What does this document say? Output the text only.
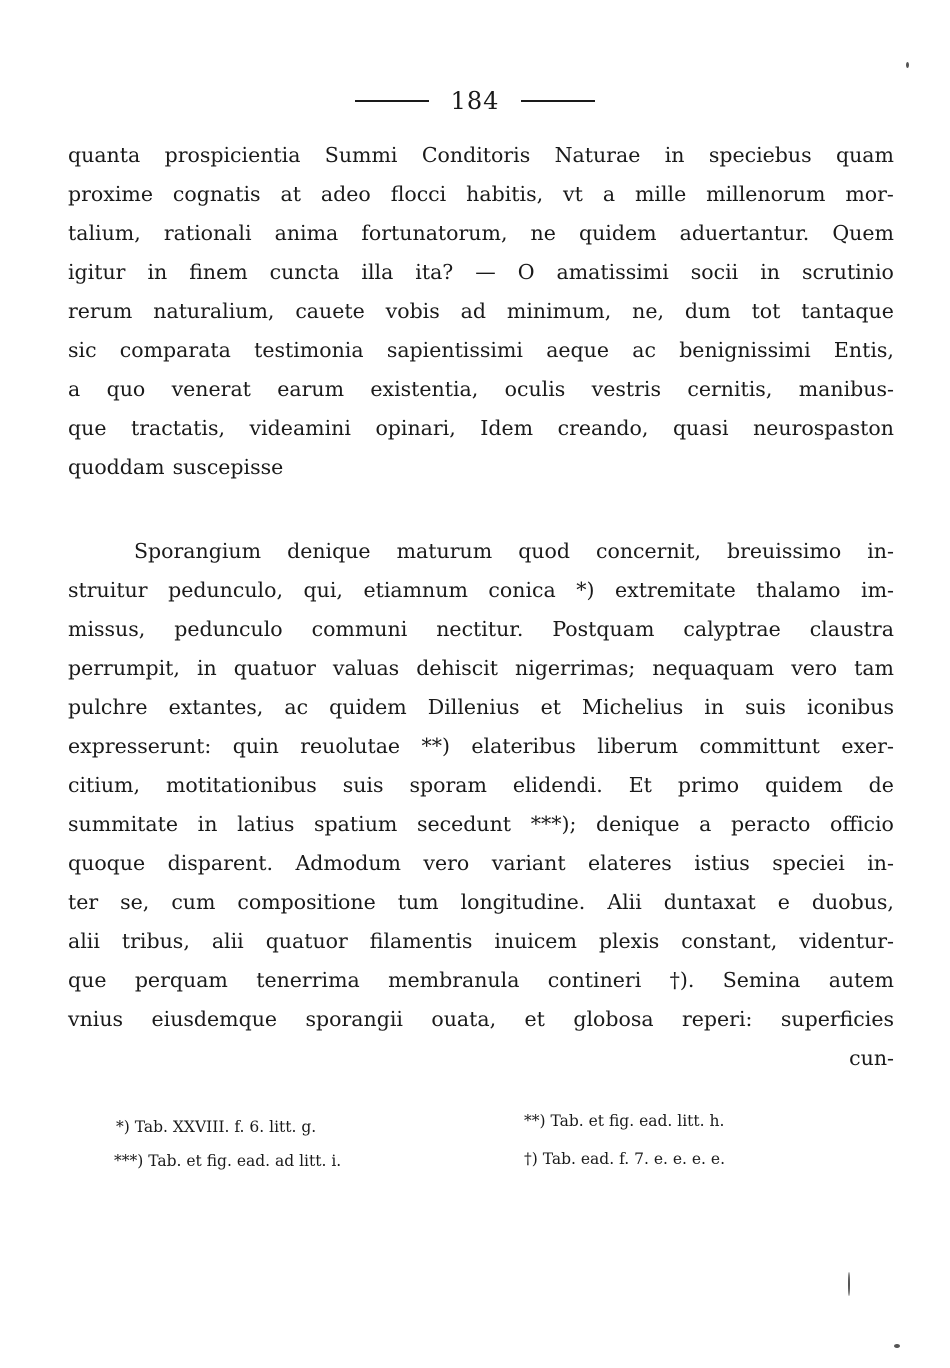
184
quanta prospicientia Summi Conditoris Naturae in speciebus quam
proxime cognatis at adeo flocci habitis, vt a mille millenorum mor-
talium, rationali anima fortunatorum, ne quidem aduertantur. Quem
igitur in finem cuncta illa ita? — O amatissimi socii in scrutinio
rerum naturalium, cauete vobis ad minimum, ne, dum tot tantaque
sic comparata testimonia sapientissimi aeque ac benignissimi Entis,
a quo venerat earum existentia, oculis vestris cernitis, manibus-
que tractatis, videamini opinari, Idem creando, quasi neurospaston
quoddam suscepisse
Sporangium denique maturum quod concernit, breuissimo in-
struitur pedunculo, qui, etiamnum conica *) extremitate thalamo im-
missus, pedunculo communi nectitur. Postquam calyptrae claustra
perrumpit, in quatuor valuas dehiscit nigerrimas; nequaquam vero tam
pulchre extantes, ac quidem Dillenius et Michelius in suis iconibus
expresserunt: quin reuolutae **) elateribus liberum committunt exer-
citium, motitationibus suis sporam elidendi. Et primo quidem de
summitate in latius spatium secedunt ***); denique a peracto officio
quoque disparent. Admodum vero variant elateres istius speciei in-
ter se, cum compositione tum longitudine. Alii duntaxat e duobus,
alii tribus, alii quatuor filamentis inuicem plexis constant, videntur-
que perquam tenerrima membranula contineri †). Semina autem
vnius eiusdemque sporangii ouata, et globosa reperi: superficies
cun-
*) Tab. XXVIII. f. 6. litt. g.	**) Tab. et fig. ead. litt. h.
***) Tab. et fig. ead. ad litt. i.	†) Tab. ead. f. 7. e. e. e. e.
